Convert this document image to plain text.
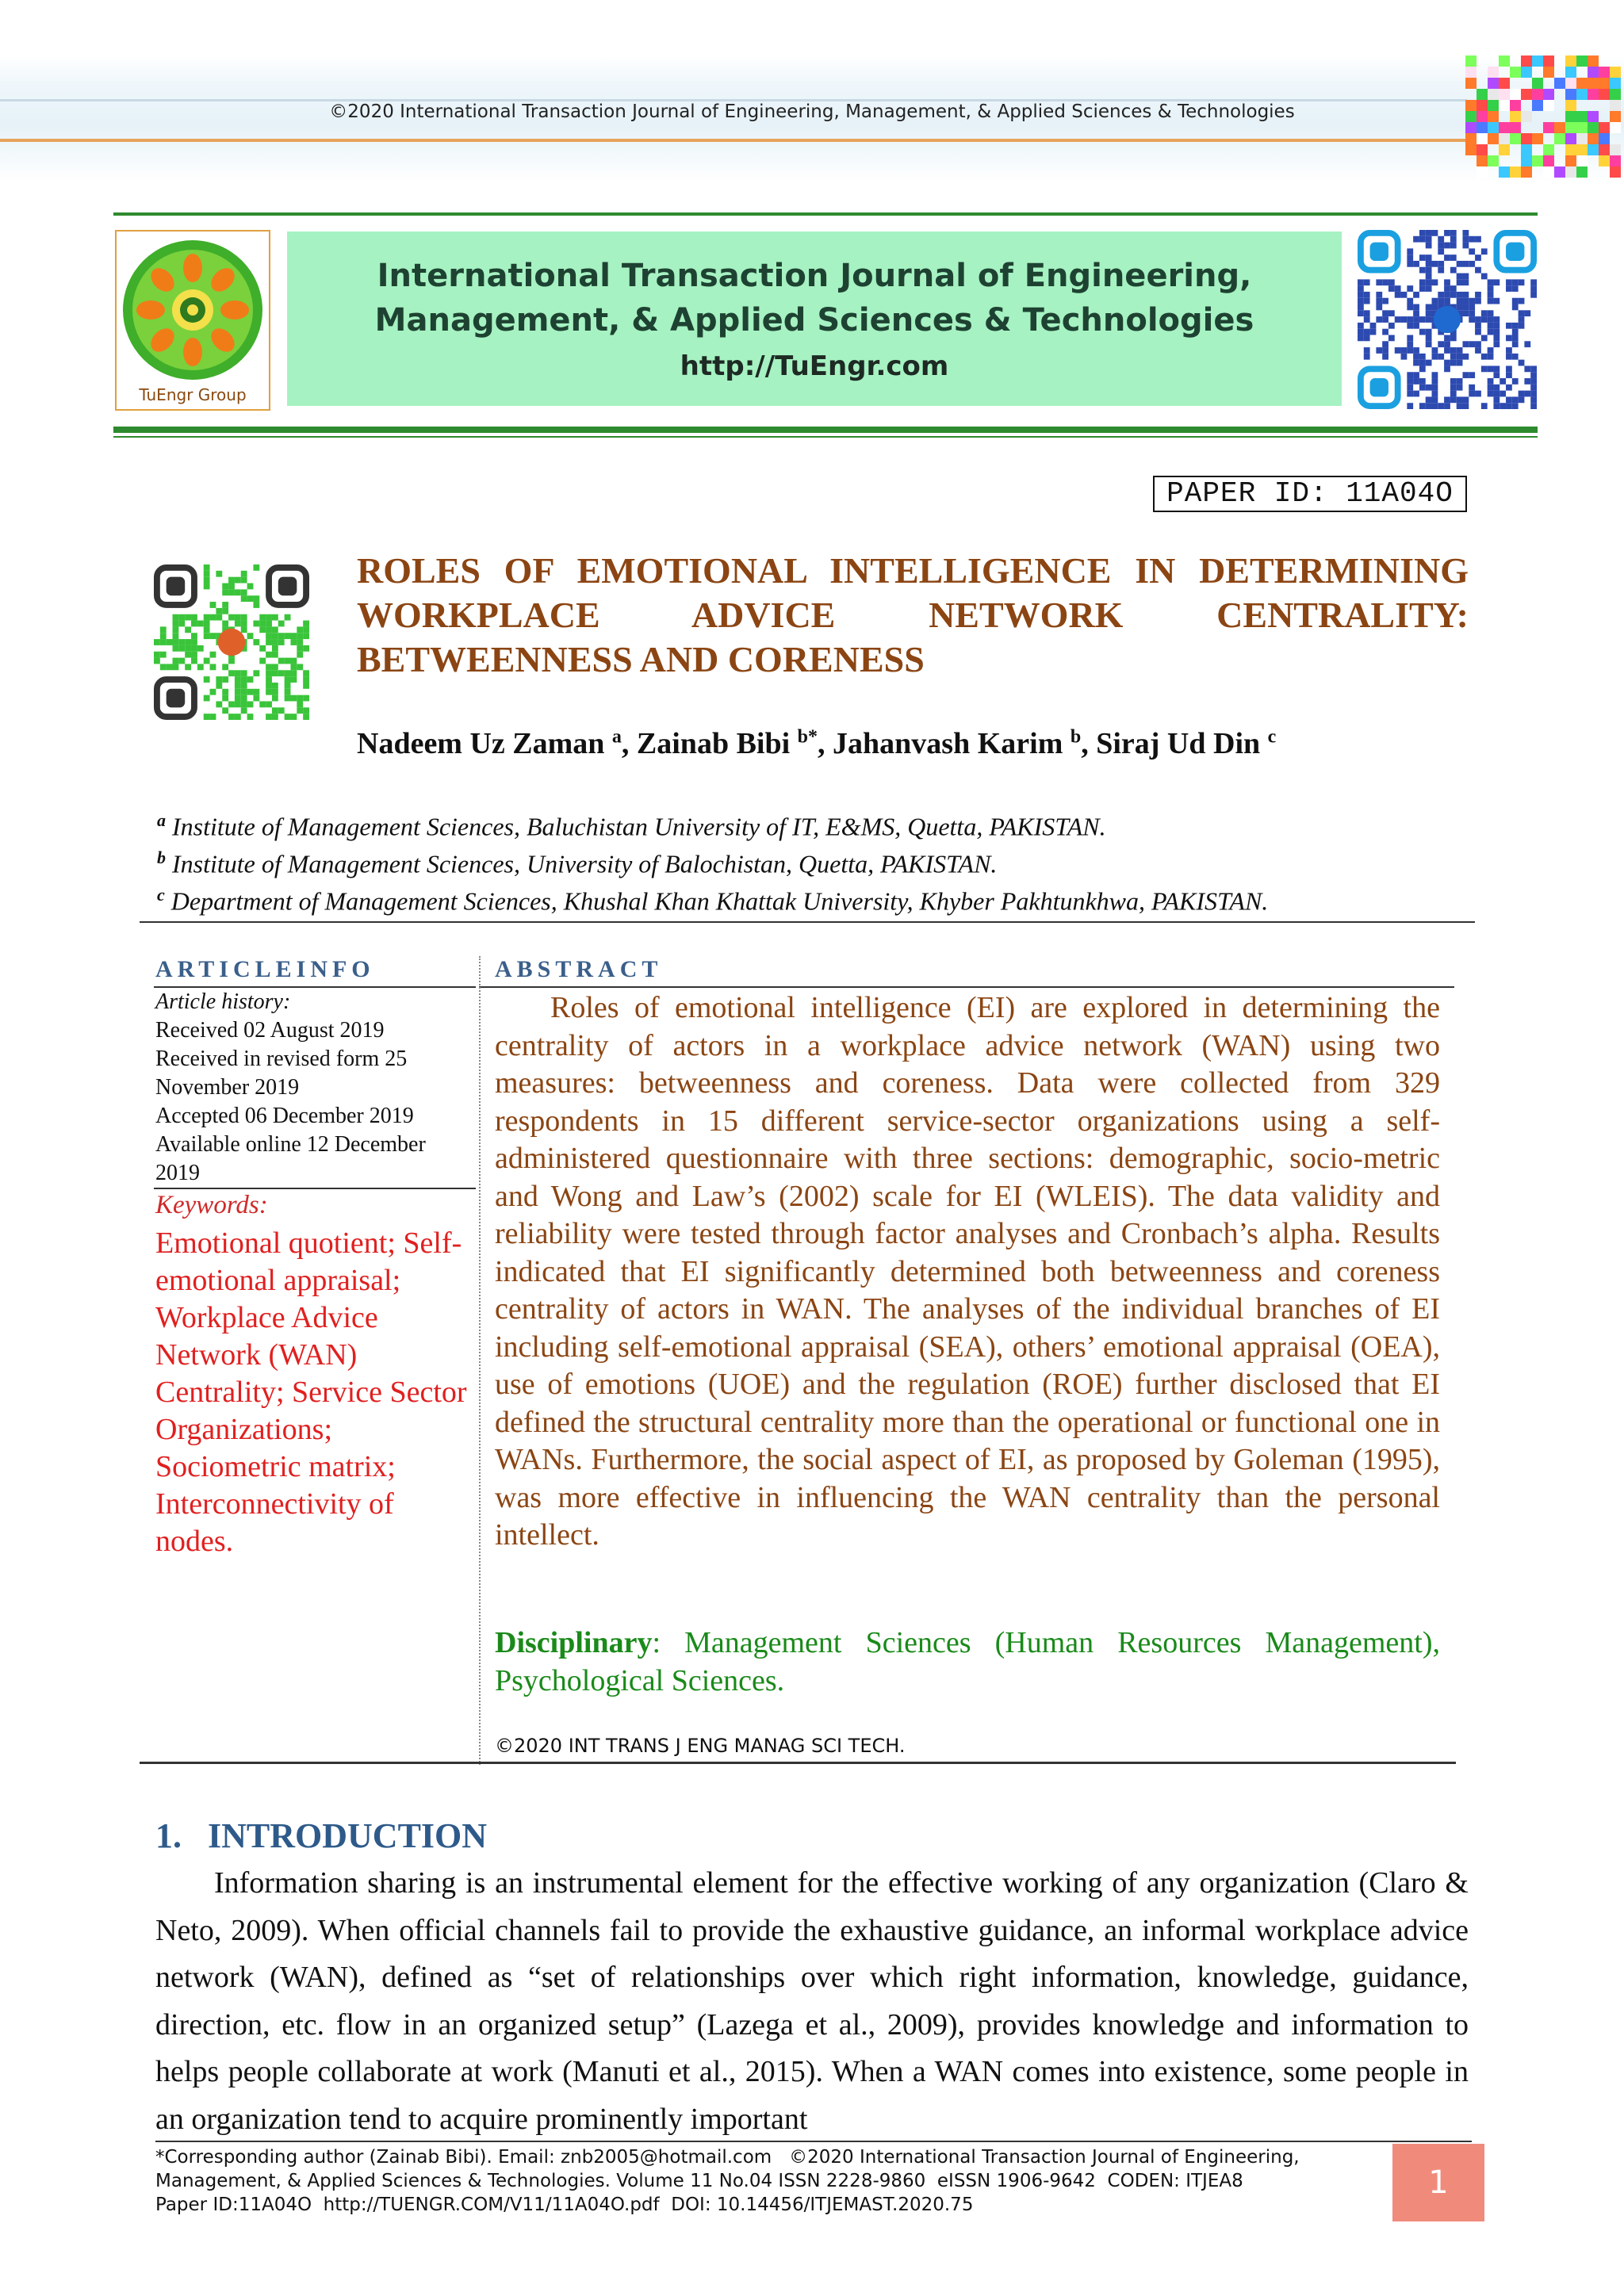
©2020 International Transaction Journal of Engineering, Management, & Applied Sciences & Technologies
TuEngr Group
International Transaction Journal of Engineering,
Management, & Applied Sciences & Technologies
http://TuEngr.com
PAPER ID: 11A04O
ROLES OF EMOTIONAL INTELLIGENCE IN DETERMINING WORKPLACE ADVICE NETWORK CENTRALITY: BETWEENNESS AND CORENESS
Nadeem Uz Zaman $^a$, Zainab Bibi $^{b*}$, Jahanvash Karim $^b$, Siraj Ud Din $^c$
$^a$ Institute of Management Sciences, Baluchistan University of IT, E&MS, Quetta, PAKISTAN.
$^b$ Institute of Management Sciences, University of Balochistan, Quetta, PAKISTAN.
$^c$ Department of Management Sciences, Khushal Khan Khattak University, Khyber Pakhtunkhwa, PAKISTAN.
ARTICLEINFO	ABSTRACT
Article history:
Received 02 August 2019
Received in revised form 25 November 2019
Accepted 06 December 2019
Available online 12 December 2019
Keywords:
Emotional quotient; Self-emotional appraisal; Workplace Advice Network (WAN) Centrality; Service Sector Organizations; Sociometric matrix; Interconnectivity of nodes.
Roles of emotional intelligence (EI) are explored in determining the centrality of actors in a workplace advice network (WAN) using two measures: betweenness and coreness. Data were collected from 329 respondents in 15 different service-sector organizations using a self-administered questionnaire with three sections: demographic, socio-metric and Wong and Law’s (2002) scale for EI (WLEIS). The data validity and reliability were tested through factor analyses and Cronbach’s alpha. Results indicated that EI significantly determined both betweenness and coreness centrality of actors in WAN. The analyses of the individual branches of EI including self-emotional appraisal (SEA), others’ emotional appraisal (OEA), use of emotions (UOE) and the regulation (ROE) further disclosed that EI defined the structural centrality more than the operational or functional one in WANs. Furthermore, the social aspect of EI, as proposed by Goleman (1995), was more effective in influencing the WAN centrality than the personal intellect.
Disciplinary: Management Sciences (Human Resources Management), Psychological Sciences.
©2020 INT TRANS J ENG MANAG SCI TECH.
1.   INTRODUCTION
Information sharing is an instrumental element for the effective working of any organization (Claro & Neto, 2009). When official channels fail to provide the exhaustive guidance, an informal workplace advice network (WAN), defined as “set of relationships over which right information, knowledge, guidance, direction, etc. flow in an organized setup” (Lazega et al., 2009), provides knowledge and information to helps people collaborate at work (Manuti et al., 2015). When a WAN comes into existence, some people in an organization tend to acquire prominently important
*Corresponding author (Zainab Bibi). Email: znb2005@hotmail.com   ©2020 International Transaction Journal of Engineering,
Management, & Applied Sciences & Technologies. Volume 11 No.04 ISSN 2228-9860  eISSN 1906-9642  CODEN: ITJEA8
Paper ID:11A04O  http://TUENGR.COM/V11/11A04O.pdf  DOI: 10.14456/ITJEMAST.2020.75
1
